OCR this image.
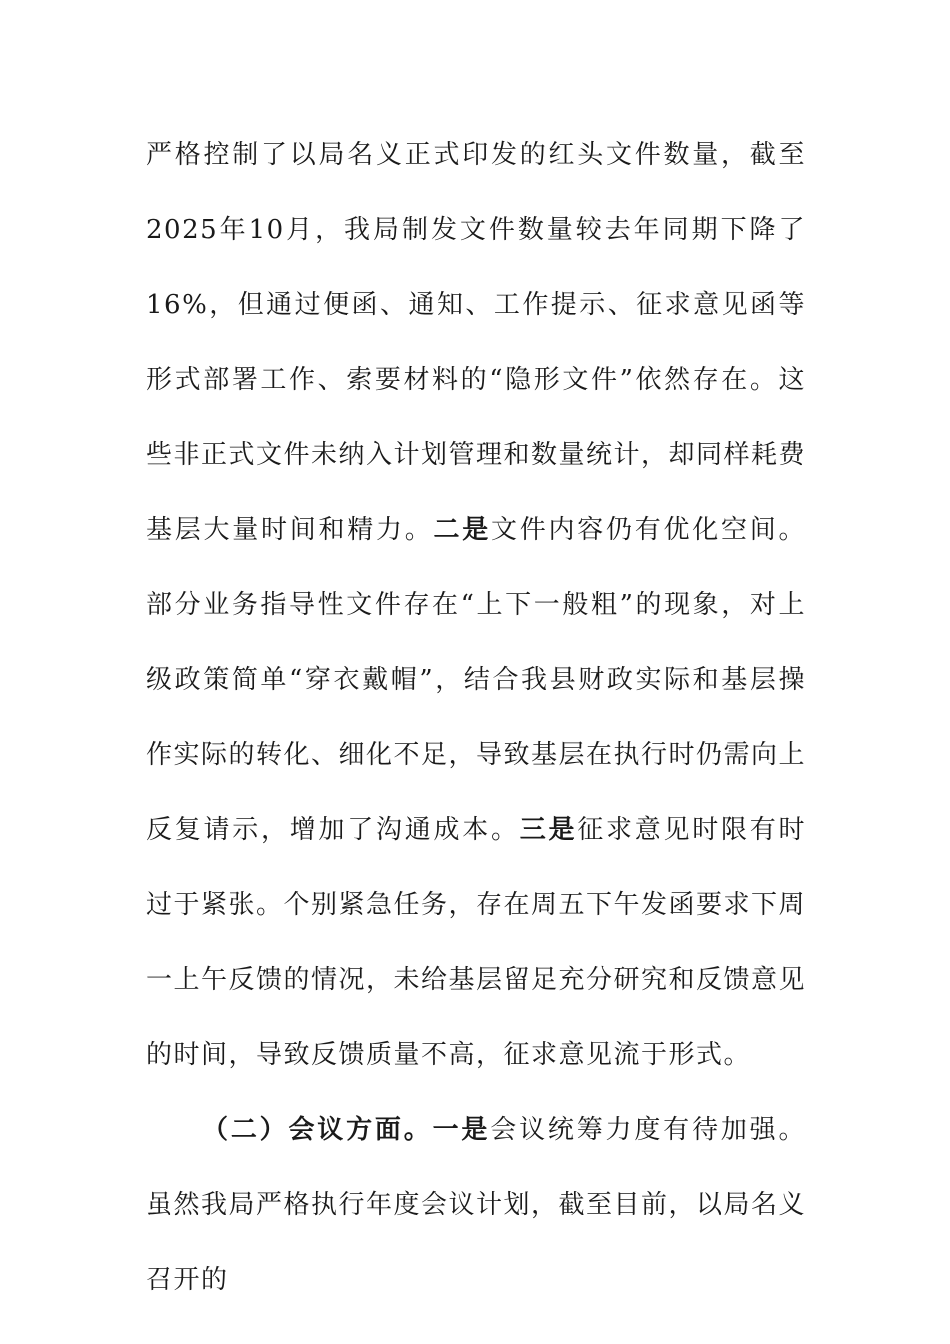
严格控制了以局名义正式印发的红头文件数量，截至2025年10月，我局制发文件数量较去年同期下降了16%，但通过便函、通知、工作提示、征求意见函等形式部署工作、索要材料的“隐形文件”依然存在。这些非正式文件未纳入计划管理和数量统计，却同样耗费基层大量时间和精力。二是文件内容仍有优化空间。部分业务指导性文件存在“上下一般粗”的现象，对上级政策简单“穿衣戴帽”，结合我县财政实际和基层操作实际的转化、细化不足，导致基层在执行时仍需向上反复请示，增加了沟通成本。三是征求意见时限有时过于紧张。个别紧急任务，存在周五下午发函要求下周一上午反馈的情况，未给基层留足充分研究和反馈意见的时间，导致反馈质量不高，征求意见流于形式。

（二）会议方面。一是会议统筹力度有待加强。虽然我局严格执行年度会议计划，截至目前，以局名义召开的
